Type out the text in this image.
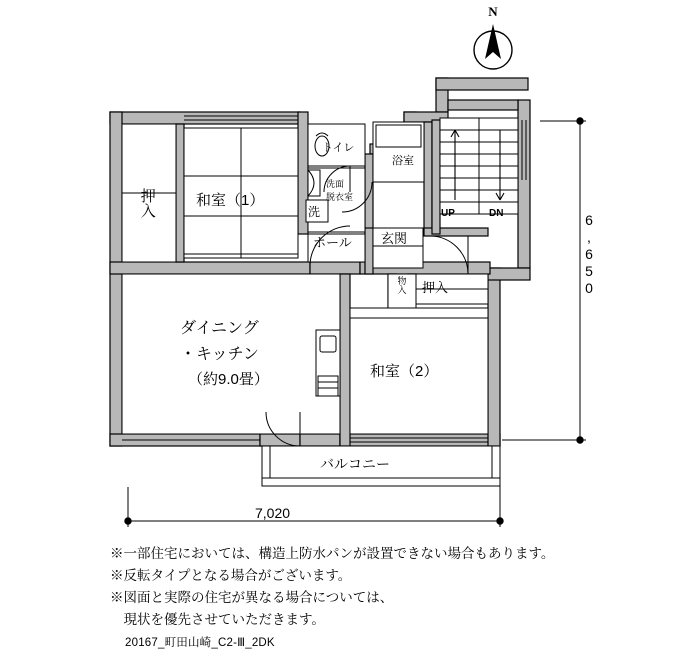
N
押入	和室（1）
トイレ
洗面
脱衣室
洗
浴室
ホール 玄関
UP	DN
物入 押入
ダイニング
・キッチン
（約9.0畳）	和室（2）
バルコニー
7,020
6,650
※一部住宅においては、構造上防水パンが設置できない場合もあります。
※反転タイプとなる場合がございます。
※図面と実際の住宅が異なる場合については、
　現状を優先させていただきます。
20167_町田山崎_C2-Ⅲ_2DK
